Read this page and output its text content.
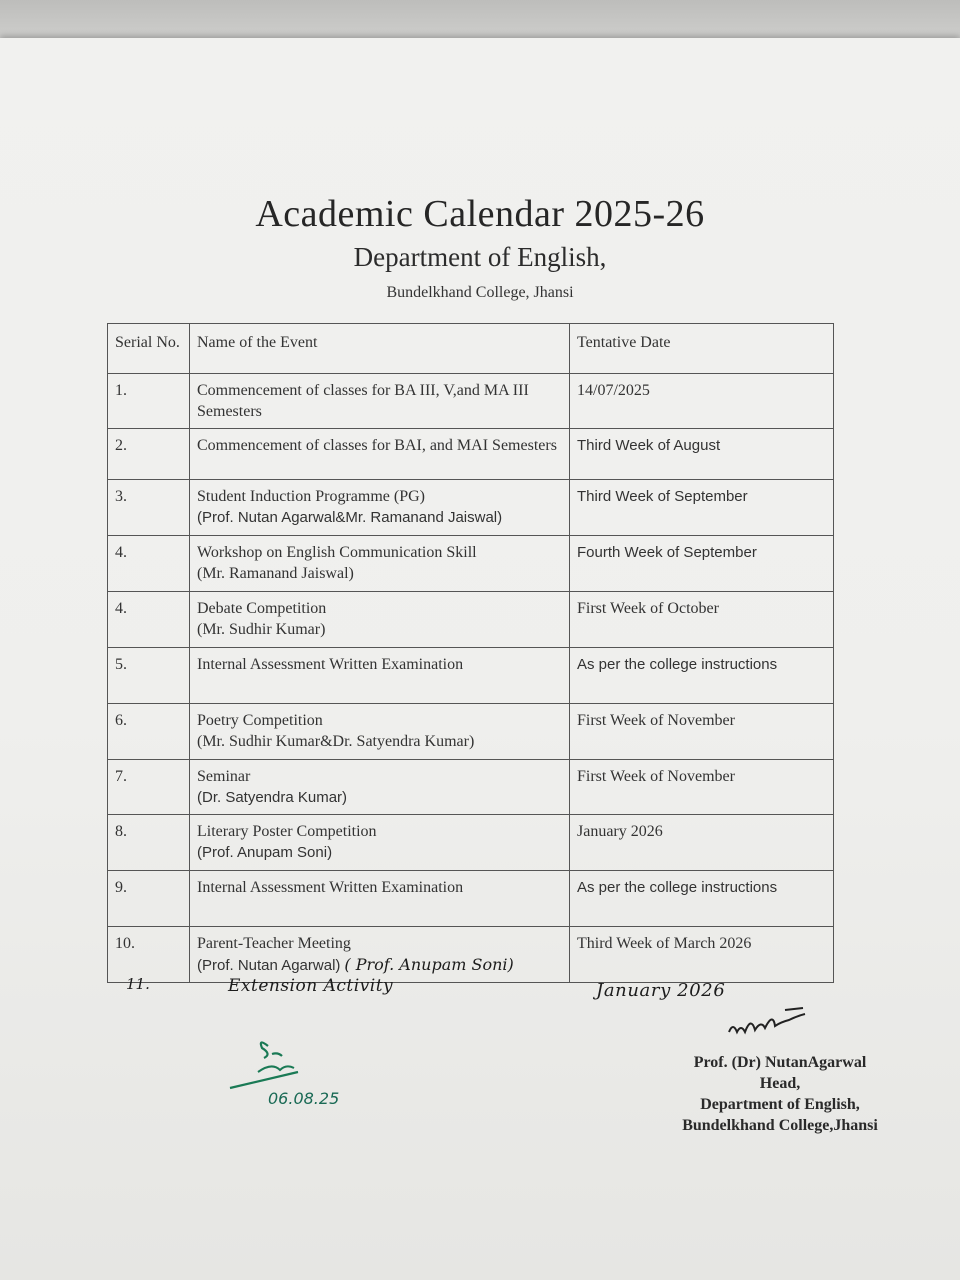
Academic Calendar 2025-26
Department of English,
Bundelkhand College, Jhansi
Serial No.	Name of the Event	Tentative Date
1.	Commencement of classes for BA III, V,and MA III Semesters	14/07/2025
2.	Commencement of classes for BAI, and MAI Semesters	Third Week of August
3.	Student Induction Programme (PG)
(Prof. Nutan Agarwal&Mr. Ramanand Jaiswal)	Third Week of September
4.	Workshop on English Communication Skill
(Mr. Ramanand Jaiswal)	Fourth Week of September
4.	Debate Competition
(Mr. Sudhir Kumar)	First Week of October
5.	Internal Assessment Written Examination	As per the college instructions
6.	Poetry Competition
(Mr. Sudhir Kumar&Dr. Satyendra Kumar)	First Week of November
7.	Seminar
(Dr. Satyendra Kumar)	First Week of November
8.	Literary Poster Competition
(Prof. Anupam Soni)	January 2026
9.	Internal Assessment Written Examination	As per the college instructions
10.	Parent-Teacher Meeting
(Prof. Nutan Agarwal) ( Prof. Anupam Soni)	Third Week of March 2026
11.	Extension Activity	January 2026
06.08.25
Prof. (Dr) NutanAgarwal
Head,
Department of English,
Bundelkhand College,Jhansi
